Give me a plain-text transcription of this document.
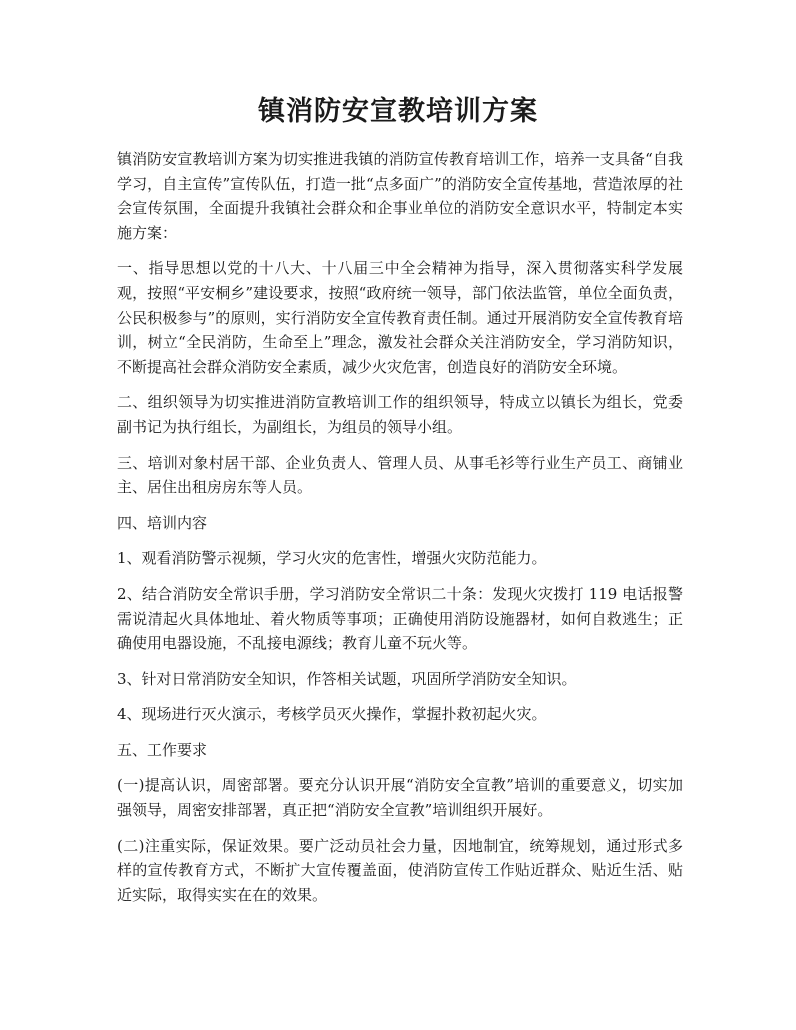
镇消防安宣教培训方案

镇消防安宣教培训方案为切实推进我镇的消防宣传教育培训工作，培养一支具备“自我学习，自主宣传”宣传队伍，打造一批“点多面广”的消防安全宣传基地，营造浓厚的社会宣传氛围，全面提升我镇社会群众和企事业单位的消防安全意识水平，特制定本实施方案：

一、指导思想以党的十八大、十八届三中全会精神为指导，深入贯彻落实科学发展观，按照“平安桐乡”建设要求，按照“政府统一领导，部门依法监管，单位全面负责，公民积极参与”的原则，实行消防安全宣传教育责任制。通过开展消防安全宣传教育培训，树立“全民消防，生命至上”理念，激发社会群众关注消防安全，学习消防知识，不断提高社会群众消防安全素质，减少火灾危害，创造良好的消防安全环境。

二、组织领导为切实推进消防宣教培训工作的组织领导，特成立以镇长为组长，党委副书记为执行组长，为副组长，为组员的领导小组。

三、培训对象村居干部、企业负责人、管理人员、从事毛衫等行业生产员工、商铺业主、居住出租房房东等人员。

四、培训内容

1、观看消防警示视频，学习火灾的危害性，增强火灾防范能力。

2、结合消防安全常识手册，学习消防安全常识二十条：发现火灾拨打 119 电话报警需说清起火具体地址、着火物质等事项；正确使用消防设施器材，如何自救逃生；正确使用电器设施，不乱接电源线；教育儿童不玩火等。

3、针对日常消防安全知识，作答相关试题，巩固所学消防安全知识。

4、现场进行灭火演示，考核学员灭火操作，掌握扑救初起火灾。

五、工作要求

(一)提高认识，周密部署。要充分认识开展“消防安全宣教”培训的重要意义，切实加强领导，周密安排部署，真正把“消防安全宣教”培训组织开展好。

(二)注重实际，保证效果。要广泛动员社会力量，因地制宜，统筹规划，通过形式多样的宣传教育方式，不断扩大宣传覆盖面，使消防宣传工作贴近群众、贴近生活、贴近实际，取得实实在在的效果。
